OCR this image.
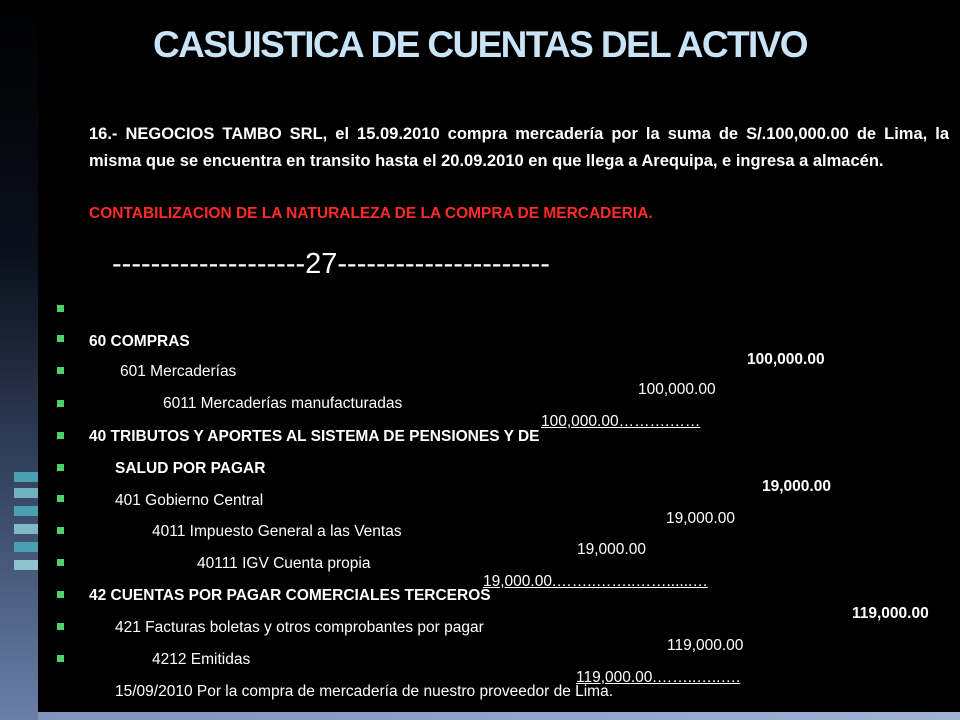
CASUISTICA DE CUENTAS DEL ACTIVO

16.- NEGOCIOS TAMBO SRL, el 15.09.2010 compra mercadería por la suma de S/.100,000.00 de Lima, la misma que se encuentra en transito hasta el 20.09.2010 en que llega a Arequipa, e ingresa a almacén.

CONTABILIZACION DE LA NATURALEZA DE LA COMPRA DE MERCADERIA.

--------------------27----------------------

60 COMPRAS

100,000.00

601 Mercaderías

100,000.00

6011 Mercaderías manufacturadas

100,000.00……….……

40 TRIBUTOS Y APORTES AL SISTEMA DE PENSIONES Y DE

SALUD POR PAGAR

19,000.00

401 Gobierno Central

19,000.00

4011 Impuesto General a las Ventas

19,000.00

40111 IGV Cuenta propia

19,000.00.……..……..……......…

42 CUENTAS POR PAGAR COMERCIALES TERCEROS

119,000.00

421 Facturas boletas y otros comprobantes por pagar

119,000.00

4212 Emitidas

119,000.00.……..…..….

15/09/2010 Por la compra de mercadería de nuestro proveedor de Lima.
